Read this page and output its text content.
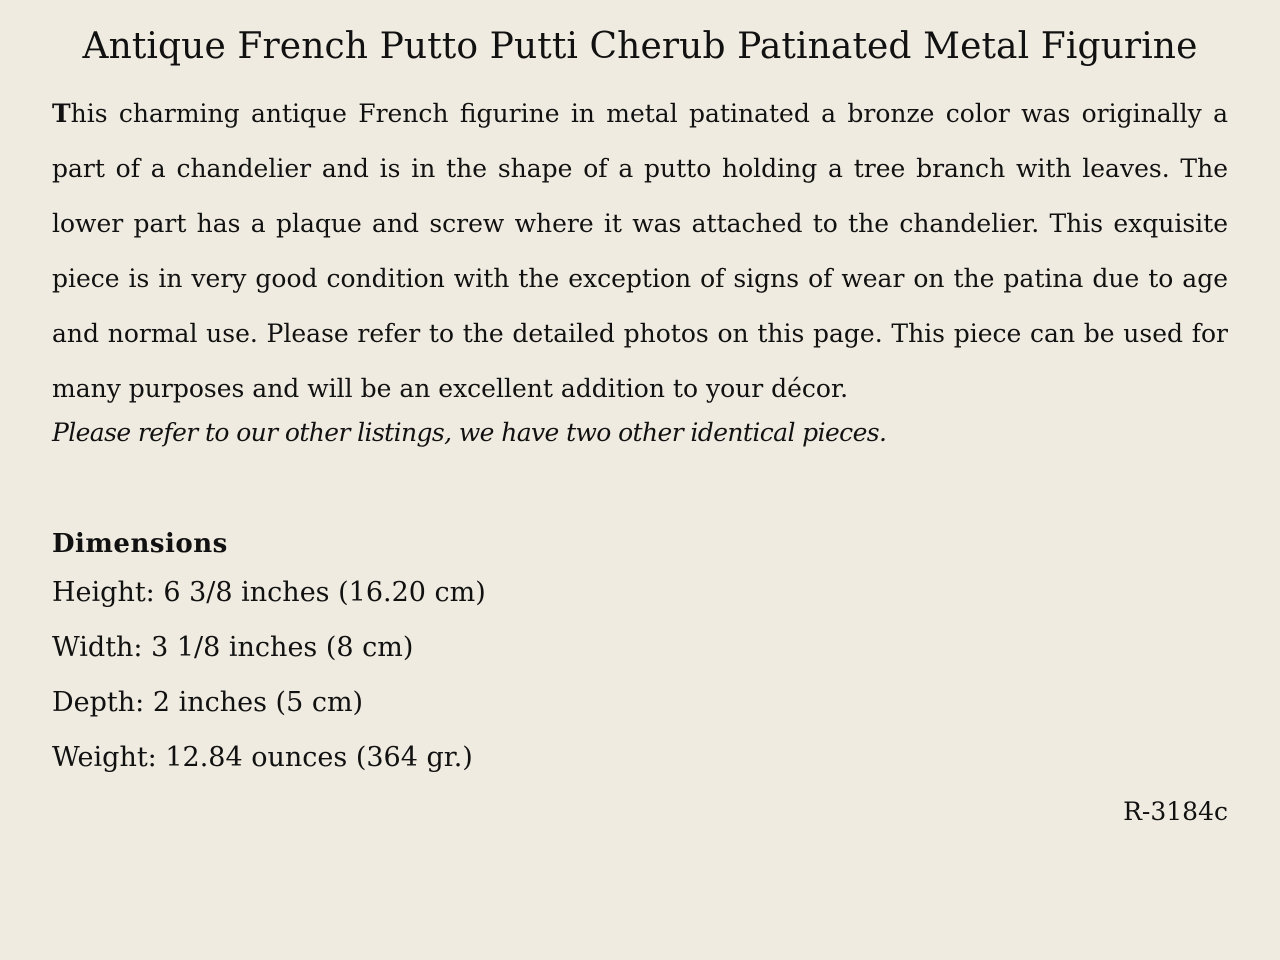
Antique French Putto Putti Cherub Patinated Metal Figurine

This charming antique French figurine in metal patinated a bronze color was originally a part of a chandelier and is in the shape of a putto holding a tree branch with leaves. The lower part has a plaque and screw where it was attached to the chandelier. This exquisite piece is in very good condition with the exception of signs of wear on the patina due to age and normal use. Please refer to the detailed photos on this page. This piece can be used for many purposes and will be an excellent addition to your décor.

Please refer to our other listings, we have two other identical pieces.

Dimensions
Height: 6 3/8 inches (16.20 cm)
Width: 3 1/8 inches (8 cm)
Depth: 2 inches (5 cm)
Weight: 12.84 ounces (364 gr.)

R-3184c
